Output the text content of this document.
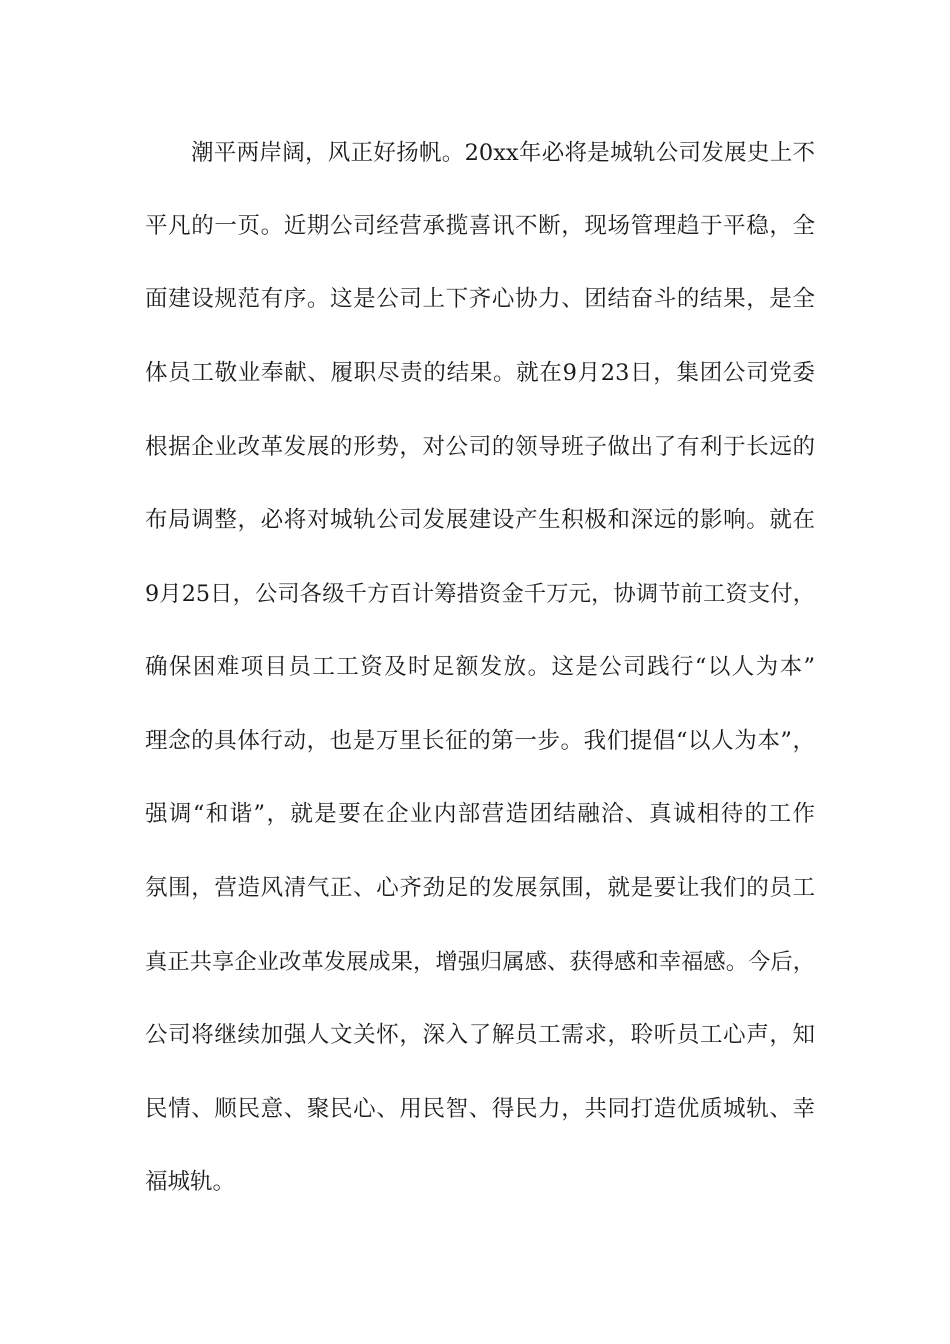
潮平两岸阔，风正好扬帆。20xx年必将是城轨公司发展史上不
平凡的一页。近期公司经营承揽喜讯不断，现场管理趋于平稳，全
面建设规范有序。这是公司上下齐心协力、团结奋斗的结果，是全
体员工敬业奉献、履职尽责的结果。就在9月23日，集团公司党委
根据企业改革发展的形势，对公司的领导班子做出了有利于长远的
布局调整，必将对城轨公司发展建设产生积极和深远的影响。就在
9月25日，公司各级千方百计筹措资金千万元，协调节前工资支付，
确保困难项目员工工资及时足额发放。这是公司践行“以人为本”
理念的具体行动，也是万里长征的第一步。我们提倡“以人为本”，
强调“和谐”，就是要在企业内部营造团结融洽、真诚相待的工作
氛围，营造风清气正、心齐劲足的发展氛围，就是要让我们的员工
真正共享企业改革发展成果，增强归属感、获得感和幸福感。今后，
公司将继续加强人文关怀，深入了解员工需求，聆听员工心声，知
民情、顺民意、聚民心、用民智、得民力，共同打造优质城轨、幸
福城轨。
